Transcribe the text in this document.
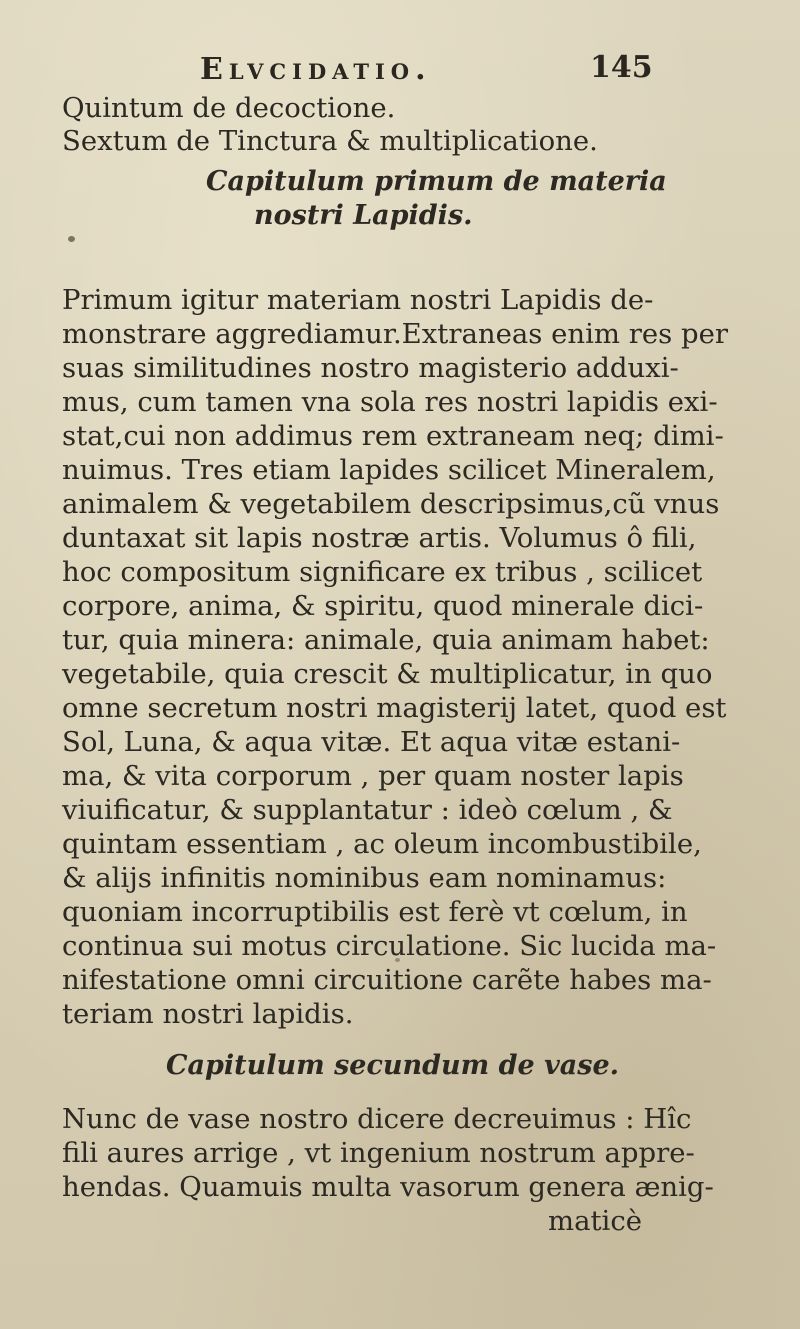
Elvcidatio.	145
Quintum de decoctione.
Sextum de Tinctura & multiplicatione.
Capitulum primum de materia
nostri Lapidis.
Primum igitur materiam nostri Lapidis de-
monstrare aggrediamur.Extraneas enim res per
suas similitudines nostro magisterio adduxi-
mus, cum tamen vna sola res nostri lapidis exi-
stat,cui non addimus rem extraneam neq; dimi-
nuimus. Tres etiam lapides scilicet Mineralem,
animalem & vegetabilem descripsimus,cũ vnus
duntaxat sit lapis nostræ artis. Volumus ô fili,
hoc compositum significare ex tribus , scilicet
corpore, anima, & spiritu, quod minerale dici-
tur, quia minera: animale, quia animam habet:
vegetabile, quia crescit & multiplicatur, in quo
omne secretum nostri magisterij latet, quod est
Sol, Luna, & aqua vitæ. Et aqua vitæ estani-
ma, & vita corporum , per quam noster lapis
viuificatur, & supplantatur : ideò cœlum , &
quintam essentiam , ac oleum incombustibile,
& alijs infinitis nominibus eam nominamus:
quoniam incorruptibilis est ferè vt cœlum, in
continua sui motus circulatione. Sic lucida ma-
nifestatione omni circuitione carẽte habes ma-
teriam nostri lapidis.
Capitulum secundum de vase.
Nunc de vase nostro dicere decreuimus : Hîc
fili aures arrige , vt ingenium nostrum appre-
hendas. Quamuis multa vasorum genera ænig-
maticè
